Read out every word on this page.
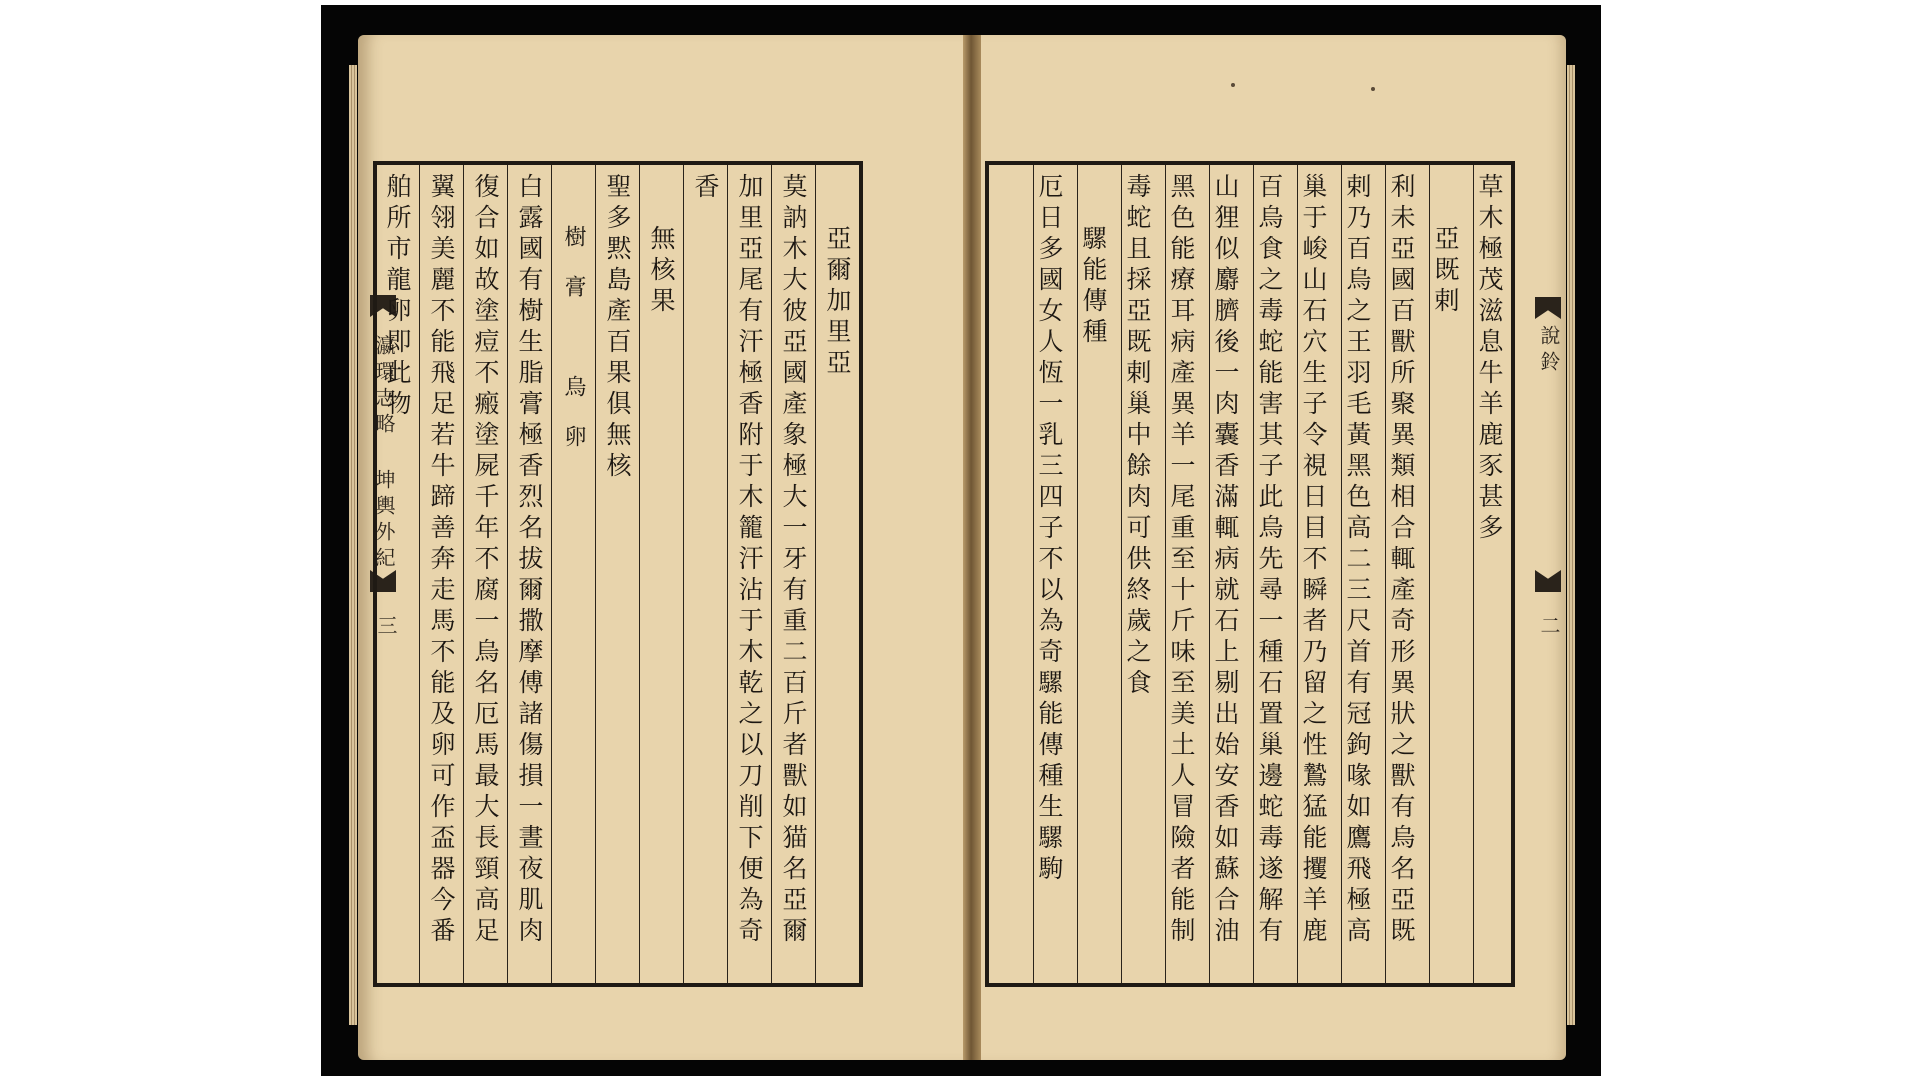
瀛環志略 坤輿外紀
三
亞爾加里亞
莫訥木大彼亞國產象極大一牙有重二百斤者獸如猫名亞爾
加里亞尾有汗極香附于木籠汗沾于木乾之以刀削下便為奇
香
無核果
聖多黙島產百果俱無核
樹膏　烏卵
白露國有樹生脂膏極香烈名拔爾撒摩傅諸傷損一晝夜肌肉
復合如故塗痘不瘢塗屍千年不腐一烏名厄馬最大長頸高足
翼翎美麗不能飛足若牛蹄善奔走馬不能及卵可作盃器今番
舶所市龍卵即此物	說鈴
二
草木極茂滋息牛羊鹿豕甚多
亞既剌
利未亞國百獸所聚異類相合輒產奇形異狀之獸有烏名亞既
剌乃百烏之王羽毛黃黑色高二三尺首有冠鉤喙如鷹飛極高
巢于峻山石穴生子令視日目不瞬者乃留之性鷙猛能攫羊鹿
百烏食之毒蛇能害其子此烏先尋一種石置巢邊蛇毒遂解有
山狸似麝臍後一肉囊香滿輒病就石上剔出始安香如蘇合油
黑色能療耳病產異羊一尾重至十斤味至美土人冒險者能制
毒蛇且採亞既剌巢中餘肉可供終歲之食
騾能傳種
厄日多國女人恆一乳三四子不以為奇騾能傳種生騾駒
